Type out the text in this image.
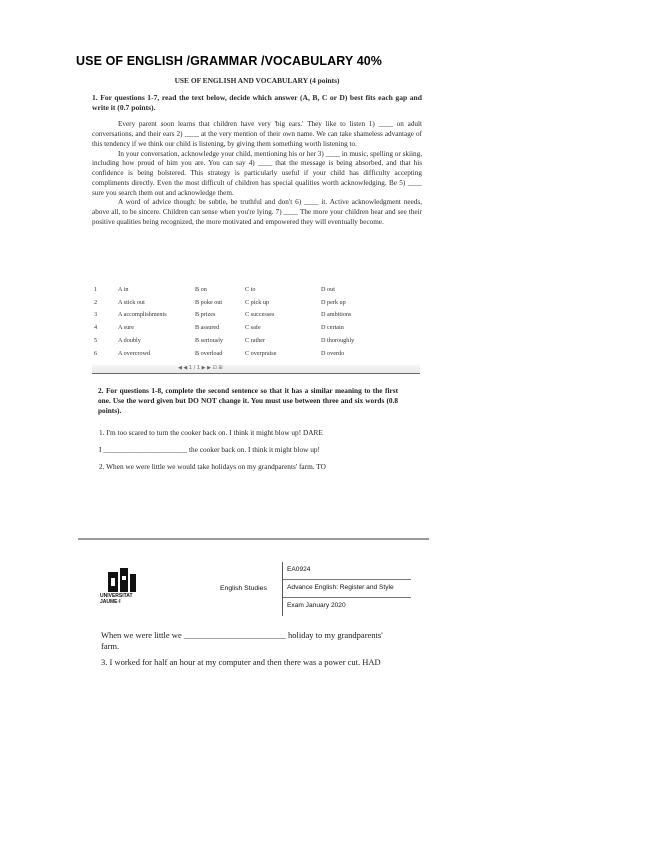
USE OF ENGLISH /GRAMMAR /VOCABULARY 40%

USE OF ENGLISH AND VOCABULARY (4 points)

1. For questions 1-7, read the text below, decide which answer (A, B, C or D) best fits each gap and write it (0.7 points).

Every parent soon learns that children have very 'big ears.' They like to listen 1) ____ on adult conversations, and their ears 2) ____ at the very mention of their own name. We can take shameless advantage of this tendency if we think our child is listening, by giving them something worth listening to.

In your conversation, acknowledge your child, mentioning his or her 3) ____ in music, spelling or skiing, including how proud of him you are. You can say 4) ____ that the message is being absorbed, and that his confidence is being bolstered. This strategy is particularly useful if your child has difficulty accepting compliments directly. Even the most difficult of children has special qualities worth acknowledging. Be 5) ____ sure you search them out and acknowledge them.

A word of advice though: be subtle, be truthful and don't 6) ____ it. Active acknowledgment needs, above all, to be sincere. Children can sense when you're lying. 7) ____ The more your children hear and see their positive qualities being recognized, the more motivated and empowered they will eventually become.

1	A in	B on	C to	D out
2	A stick out	B poke out	C pick up	D perk up
3	A accomplishments	B prizes	C successes	D ambitions
4	A sure	B assured	C safe	D certain
5	A doubly	B seriously	C rather	D thoroughly
6	A overcrowd	B overload	C overpraise	D overdo
◀ ◀ 1 / 1 ▶ ▶ ⊡ ⊞

2. For questions 1-8, complete the second sentence so that it has a similar meaning to the first one. Use the word given but DO NOT change it. You must use between three and six words (0.8 points).

1. I'm too scared to turn the cooker back on. I think it might blow up! DARE
I _______________________ the cooker back on. I think it might blow up!
2. When we were little we would take holidays on my grandparents' farm. TO
UNIVERSITAT
JAUME·I
English Studies
EA0924
Advance English: Register and Style
Exam January 2020
When we were little we ________________________ holiday to my grandparents'
farm.
3. I worked for half an hour at my computer and then there was a power cut. HAD
